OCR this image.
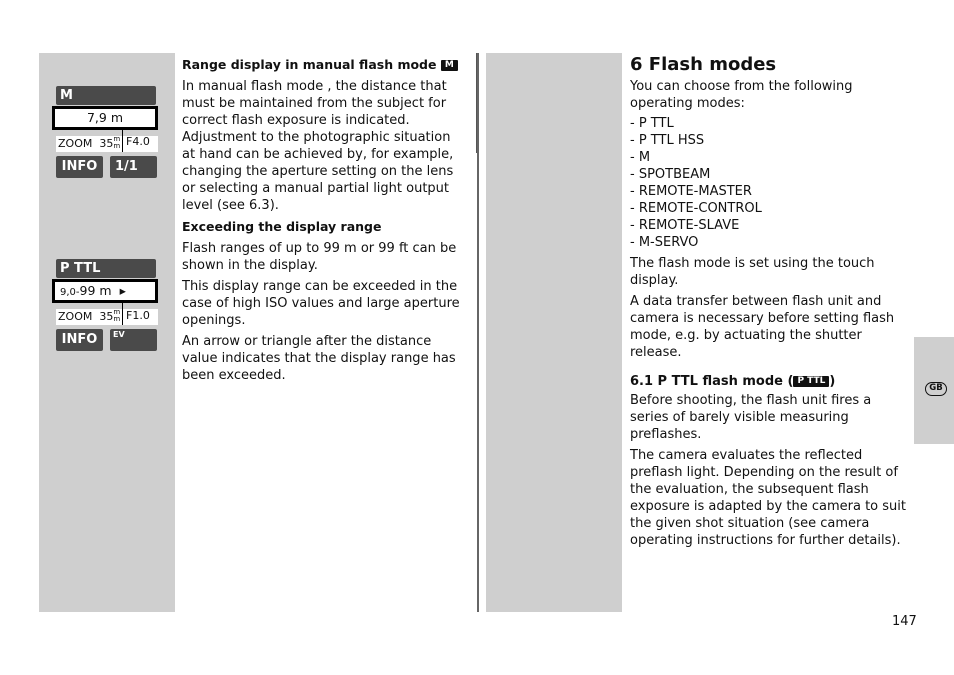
M
7,9 m
ZOOM 35m
m F4.0
INFO	1/1
P TTL
9,0-99 m ▸
ZOOM 35m
m F1.0
INFO	EV
Range display in manual flash mode M

In manual flash mode , the distance that must be maintained from the subject for correct flash exposure is indicated. Adjustment to the photographic situation at hand can be achieved by, for example, changing the aperture setting on the lens or selecting a manual partial light output level (see 6.3).

Exceeding the display range

Flash ranges of up to 99 m or 99 ft can be shown in the display.

This display range can be exceeded in the case of high ISO values and large aperture openings.

An arrow or triangle after the distance value indicates that the display range has been exceeded.

6 Flash modes

You can choose from the following operating modes:

- P TTL
- P TTL HSS
- M
- SPOTBEAM
- REMOTE-MASTER
- REMOTE-CONTROL
- REMOTE-SLAVE
- M-SERVO

The flash mode is set using the touch display.

A data transfer between flash unit and camera is necessary before setting flash mode, e.g. by actuating the shutter release.

6.1 P TTL flash mode ( P TTL )

Before shooting, the flash unit fires a series of barely visible measuring preflashes.

The camera evaluates the reflected preflash light. Depending on the result of the evaluation, the subsequent flash exposure is adapted by the camera to suit the given shot situation (see camera operating instructions for further details).

GB
147
